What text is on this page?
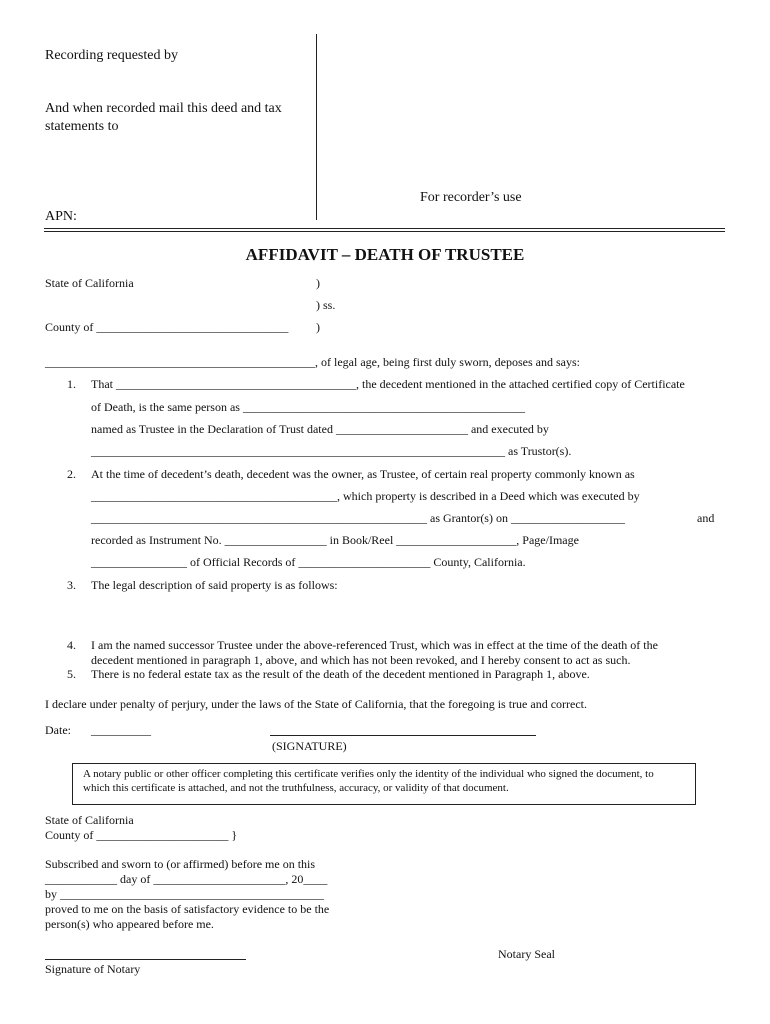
Recording requested by
And when recorded mail this deed and tax
statements to
For recorder’s use
APN:
AFFIDAVIT – DEATH OF TRUSTEE
State of California	)
) ss.
County of ________________________________ )
_____________________________________________, of legal age, being first duly sworn, deposes and says:
1. That ________________________________________, the decedent mentioned in the attached certified copy of Certificate
of Death, is the same person as _______________________________________________
named as Trustee in the Declaration of Trust dated ______________________ and executed by
_____________________________________________________________________ as Trustor(s).
2. At the time of decedent’s death, decedent was the owner, as Trustee, of certain real property commonly known as
_________________________________________, which property is described in a Deed which was executed by
________________________________________________________ as Grantor(s) on ___________________	and
recorded as Instrument No. _________________ in Book/Reel ____________________, Page/Image
________________ of Official Records of ______________________ County, California.
3. The legal description of said property is as follows:
4. I am the named successor Trustee under the above-referenced Trust, which was in effect at the time of the death of the
decedent mentioned in paragraph 1, above, and which has not been revoked, and I hereby consent to act as such.
5. There is no federal estate tax as the result of the death of the decedent mentioned in Paragraph 1, above.
I declare under penalty of perjury, under the laws of the State of California, that the foregoing is true and correct.
Date: __________
(SIGNATURE)
A notary public or other officer completing this certificate verifies only the identity of the individual who signed the document, to
which this certificate is attached, and not the truthfulness, accuracy, or validity of that document.
State of California
County of ______________________ }
Subscribed and sworn to (or affirmed) before me on this
____________ day of ______________________, 20____
by ____________________________________________
proved to me on the basis of satisfactory evidence to be the
person(s) who appeared before me.
Notary Seal
Signature of Notary
